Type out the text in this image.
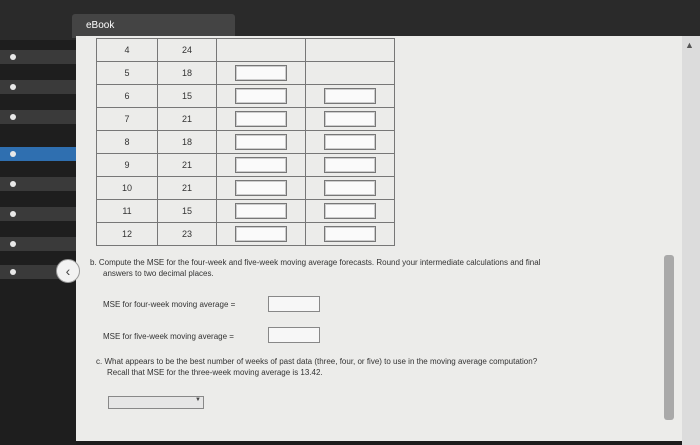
eBook
▲
4	24		
5	18		
6	15		
7	21		
8	18		
9	21		
10	21		
11	15		
12	23		
‹
b. Compute the MSE for the four-week and five-week moving average forecasts. Round your intermediate calculations and final
answers to two decimal places.
MSE for four-week moving average =
MSE for five-week moving average =
c. What appears to be the best number of weeks of past data (three, four, or five) to use in the moving average computation?
Recall that MSE for the three-week moving average is 13.42.
▼
